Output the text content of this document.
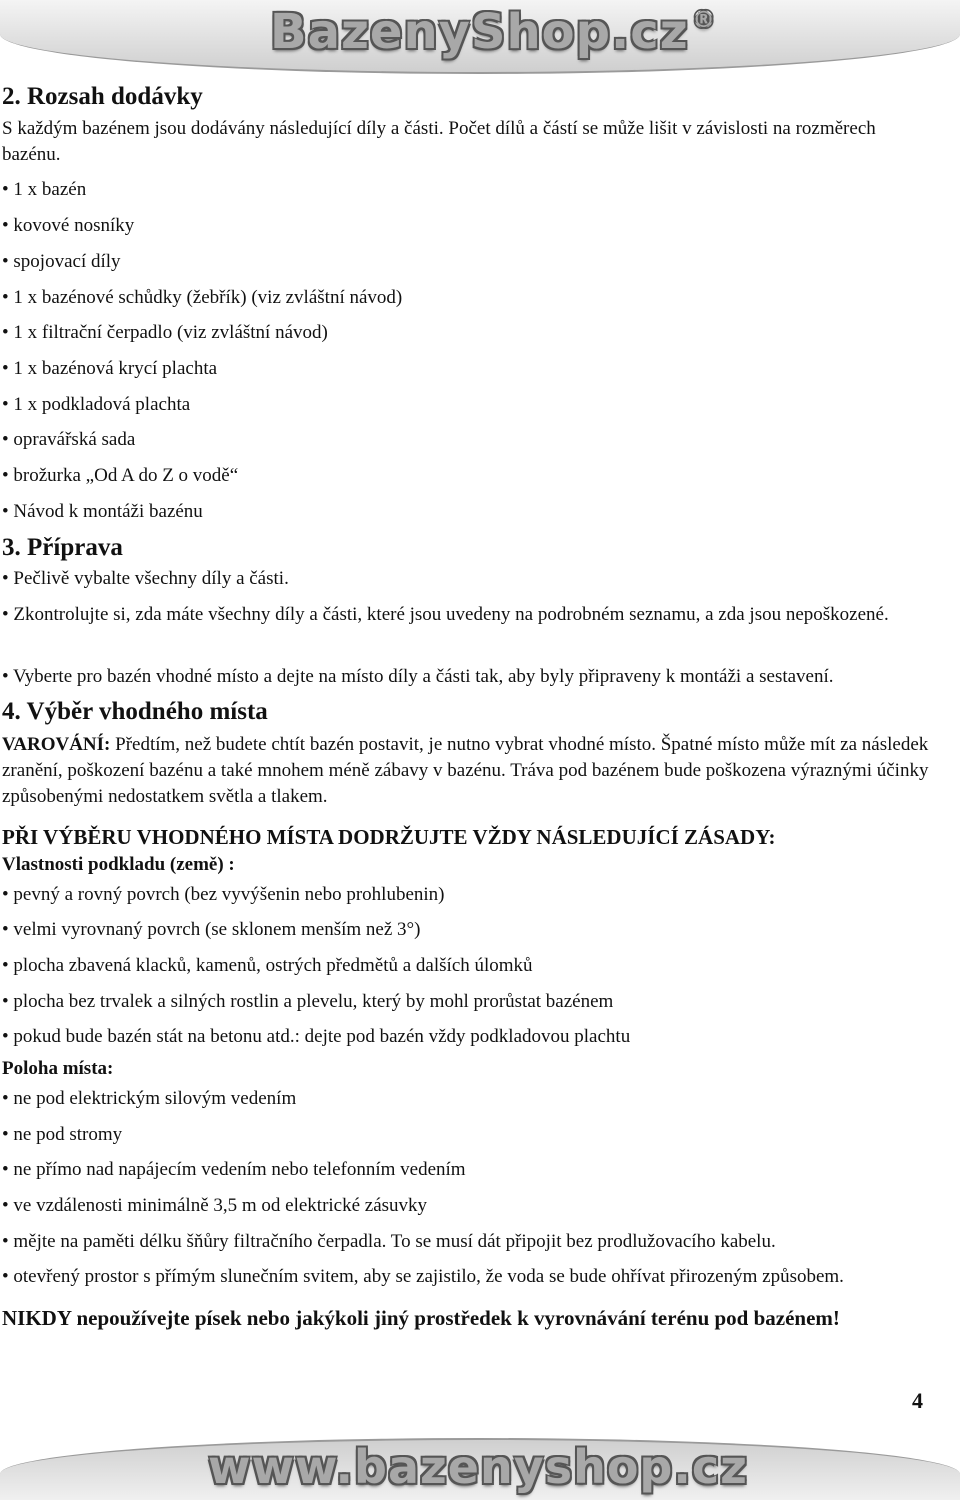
BazenyShop.cz ®
2. Rozsah dodávky

S každým bazénem jsou dodávány následující díly a části. Počet dílů a částí se může lišit v závislosti na rozměrech bazénu.

• 1 x bazén

• kovové nosníky

• spojovací díly

• 1 x bazénové schůdky (žebřík) (viz zvláštní návod)

• 1 x filtrační čerpadlo (viz zvláštní návod)

• 1 x bazénová krycí plachta

• 1 x podkladová plachta

• opravářská sada

• brožurka „Od A do Z o vodě“

• Návod k montáži bazénu

3. Příprava

• Pečlivě vybalte všechny díly a části.

• Zkontrolujte si, zda máte všechny díly a části, které jsou uvedeny na podrobném seznamu, a zda jsou nepoškozené.

• Vyberte pro bazén vhodné místo a dejte na místo díly a části tak, aby byly připraveny k montáži a sestavení.

4. Výběr vhodného místa

VAROVÁNÍ: Předtím, než budete chtít bazén postavit, je nutno vybrat vhodné místo. Špatné místo může mít za následek zranění, poškození bazénu a také mnohem méně zábavy v bazénu. Tráva pod bazénem bude poškozena výraznými účinky způsobenými nedostatkem světla a tlakem.

PŘI VÝBĚRU VHODNÉHO MÍSTA DODRŽUJTE VŽDY NÁSLEDUJÍCÍ ZÁSADY:

Vlastnosti podkladu (země) :

• pevný a rovný povrch (bez vyvýšenin nebo prohlubenin)

• velmi vyrovnaný povrch (se sklonem menším než 3°)

• plocha zbavená klacků, kamenů, ostrých předmětů a dalších úlomků

• plocha bez trvalek a silných rostlin a plevelu, který by mohl prorůstat bazénem

• pokud bude bazén stát na betonu atd.: dejte pod bazén vždy podkladovou plachtu

Poloha místa:

• ne pod elektrickým silovým vedením

• ne pod stromy

• ne přímo nad napájecím vedením nebo telefonním vedením

• ve vzdálenosti minimálně 3,5 m od elektrické zásuvky

• mějte na paměti délku šňůry filtračního čerpadla. To se musí dát připojit bez prodlužovacího kabelu.

• otevřený prostor s přímým slunečním svitem, aby se zajistilo, že voda se bude ohřívat přirozeným způsobem.

NIKDY nepoužívejte písek nebo jakýkoli jiný prostředek k vyrovnávání terénu pod bazénem!

4
www.bazenyshop.cz
